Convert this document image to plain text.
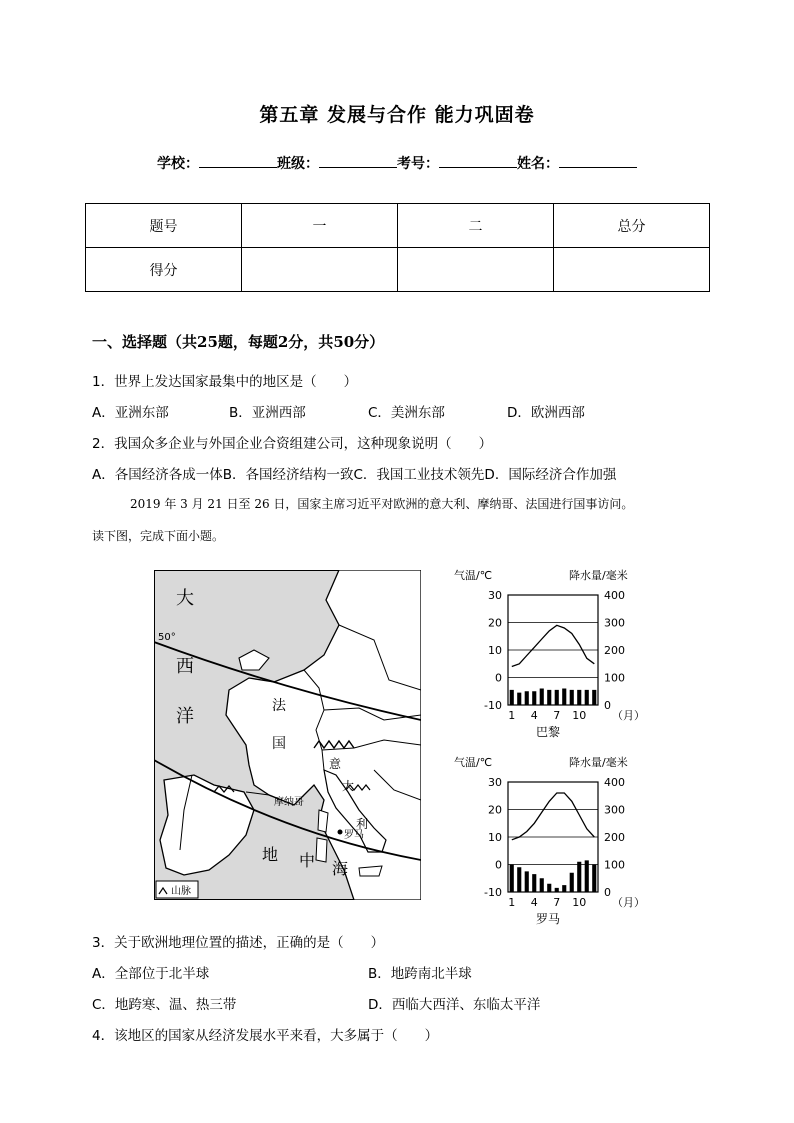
第五章 发展与合作 能力巩固卷
学校：	班级：	考号：	姓名：
题号	一	二	总分
得分			
一、选择题（共25题，每题2分，共50分）
1．世界上发达国家最集中的地区是（　　）
A．亚洲东部	B．亚洲西部	C．美洲东部	D．欧洲西部
2．我国众多企业与外国企业合资组建公司，这种现象说明（　　）
A．各国经济各成一体B．各国经济结构一致C．我国工业技术领先D．国际经济合作加强
2019 年 3 月 21 日至 26 日，国家主席习近平对欧洲的意大利、摩纳哥、法国进行国事访问。
读下图，完成下面小题。
50°
大
西
洋	法
国
意
大
利
摩纳哥
罗马
地 中 海
山脉
气温/℃	降水量/毫米
30
20
10
0
-10
400
300
200
100
0
1 4 7 10 （月）
巴黎
气温/℃	降水量/毫米
30
20
10
0
-10
400
300
200
100
0
1 4 7 10 （月）
罗马
3．关于欧洲地理位置的描述，正确的是（　　）
A．全部位于北半球	B．地跨南北半球
C．地跨寒、温、热三带	D．西临大西洋、东临太平洋
4．该地区的国家从经济发展水平来看，大多属于（　　）
